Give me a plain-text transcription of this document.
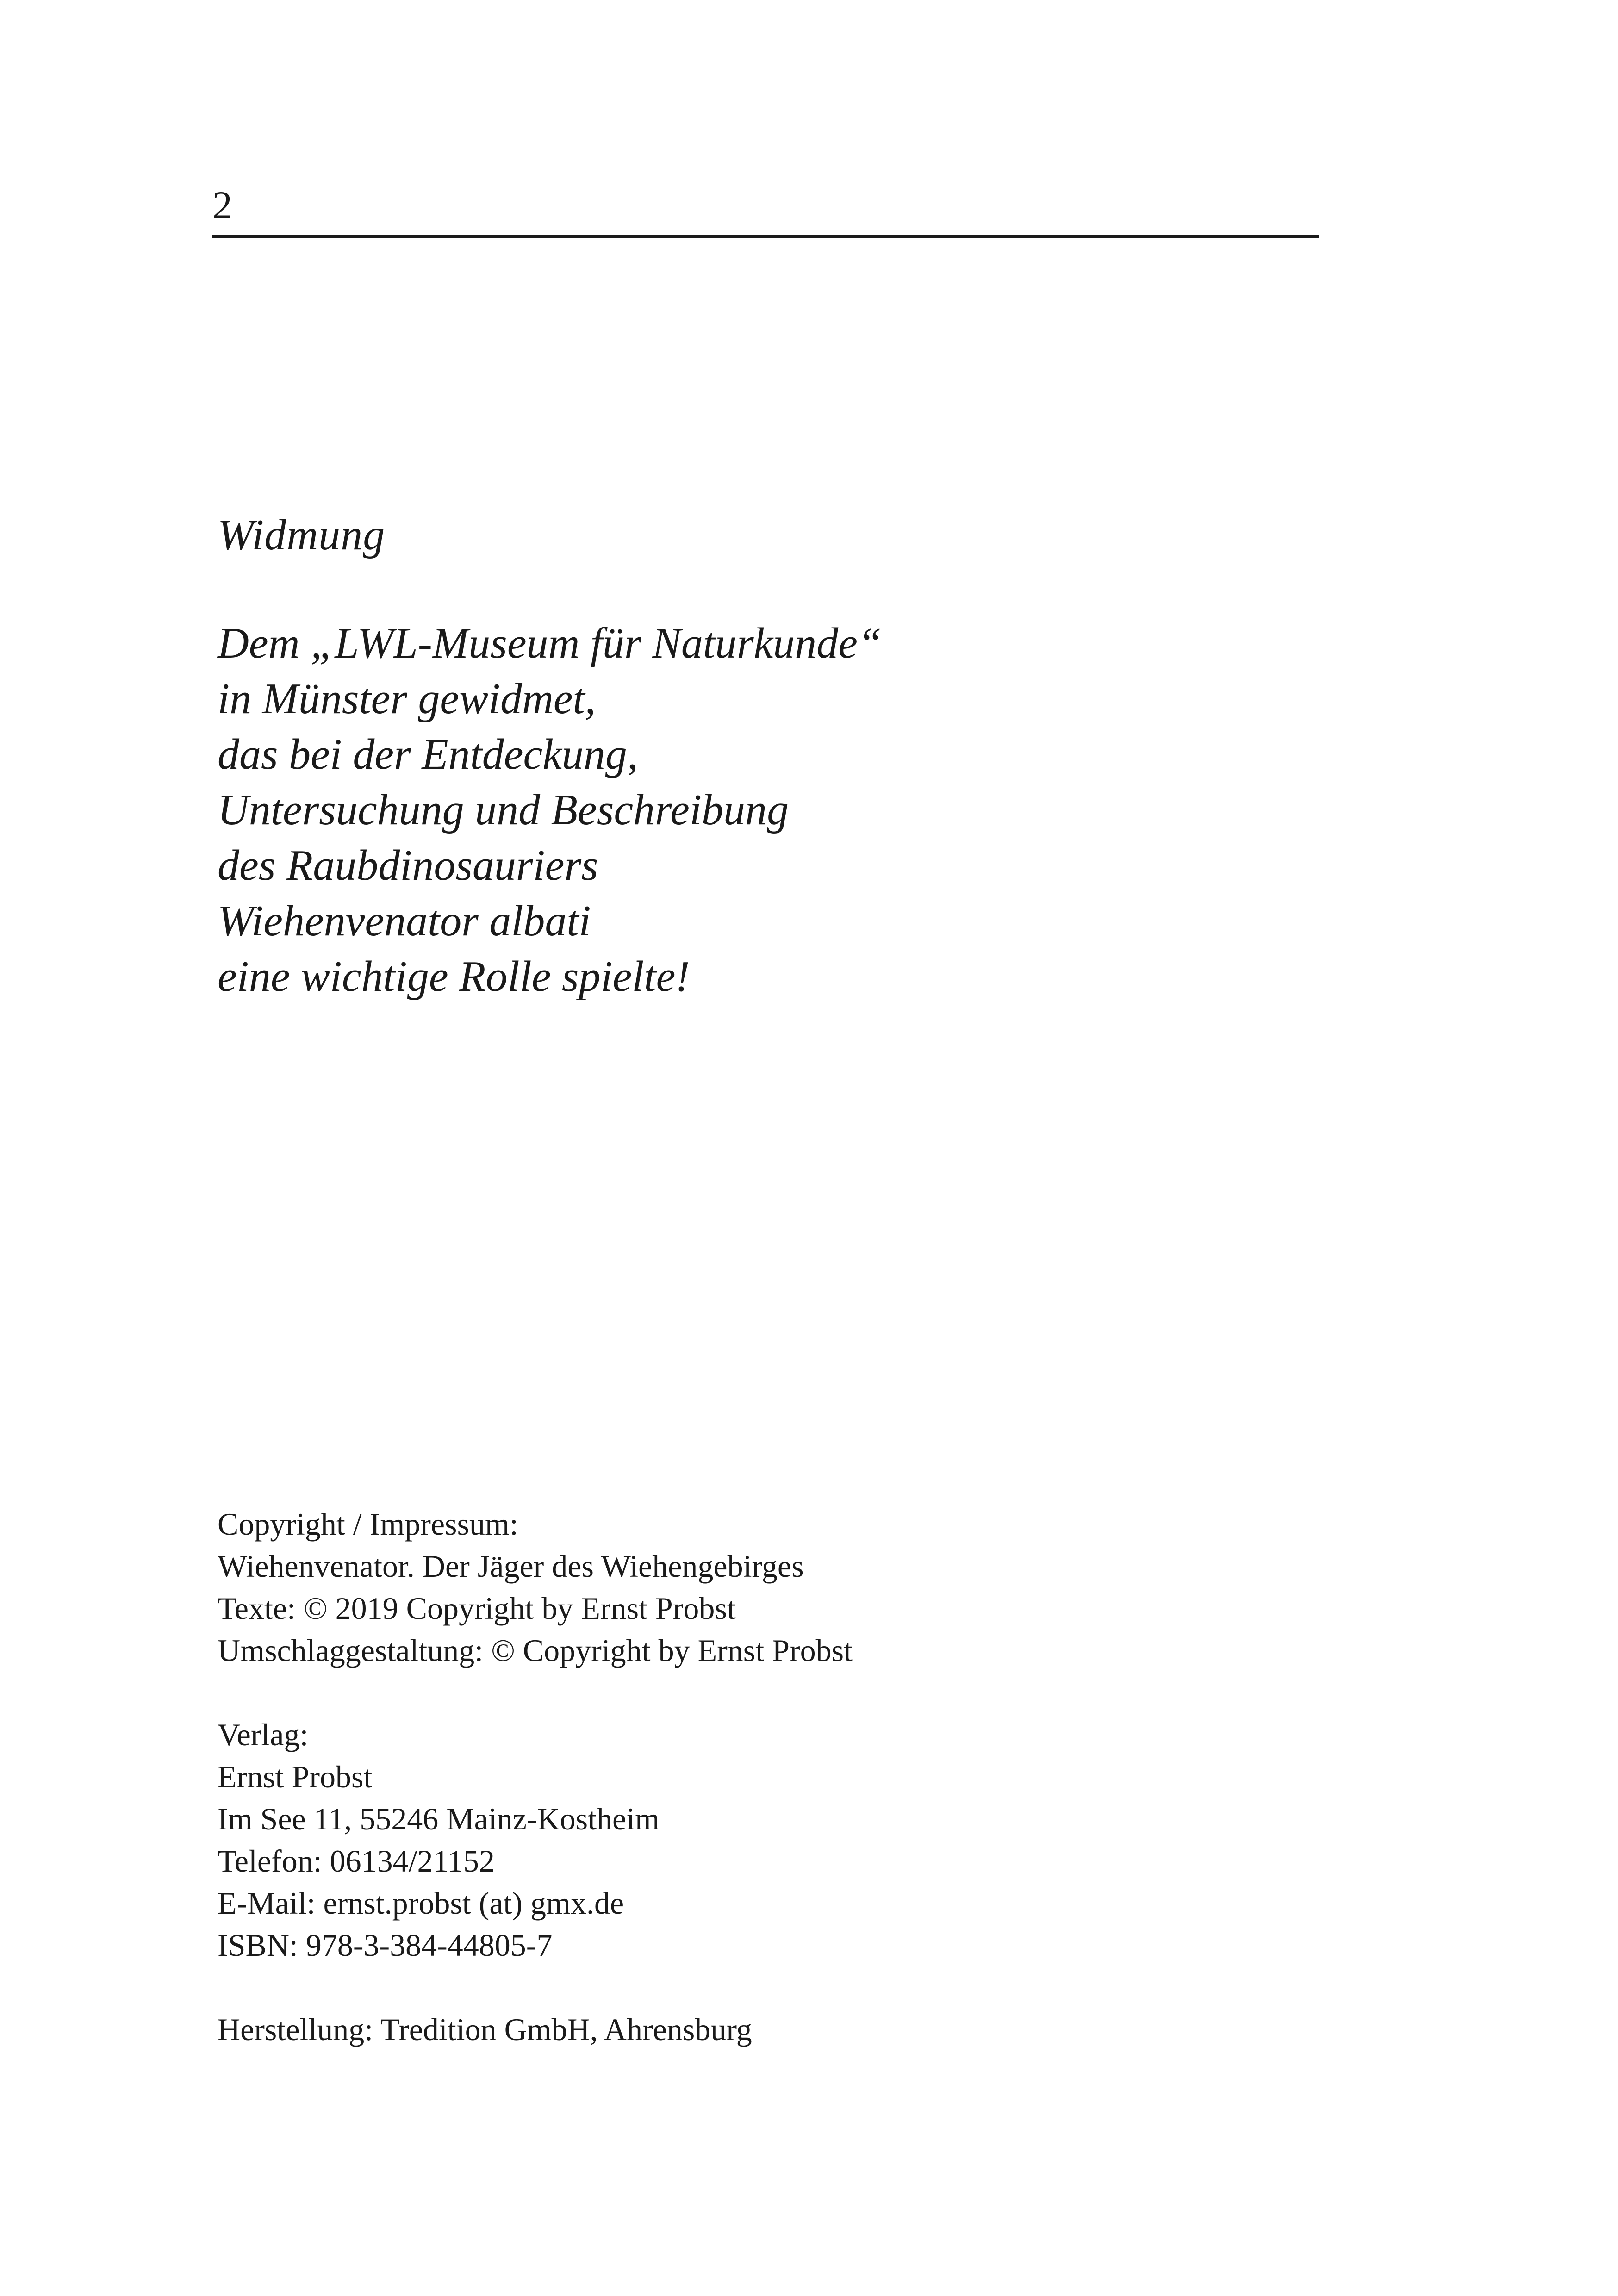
2
Widmung
Dem „LWL-Museum für Naturkunde“
in Münster gewidmet,
das bei der Entdeckung,
Untersuchung und Beschreibung
des Raubdinosauriers
Wiehenvenator albati
eine wichtige Rolle spielte!
Copyright / Impressum:
Wiehenvenator. Der Jäger des Wiehengebirges
Texte: © 2019 Copyright by Ernst Probst
Umschlaggestaltung: © Copyright by Ernst Probst
Verlag:
Ernst Probst
Im See 11, 55246 Mainz-Kostheim
Telefon: 06134/21152
E-Mail: ernst.probst (at) gmx.de
ISBN: 978-3-384-44805-7
Herstellung: Tredition GmbH, Ahrensburg
